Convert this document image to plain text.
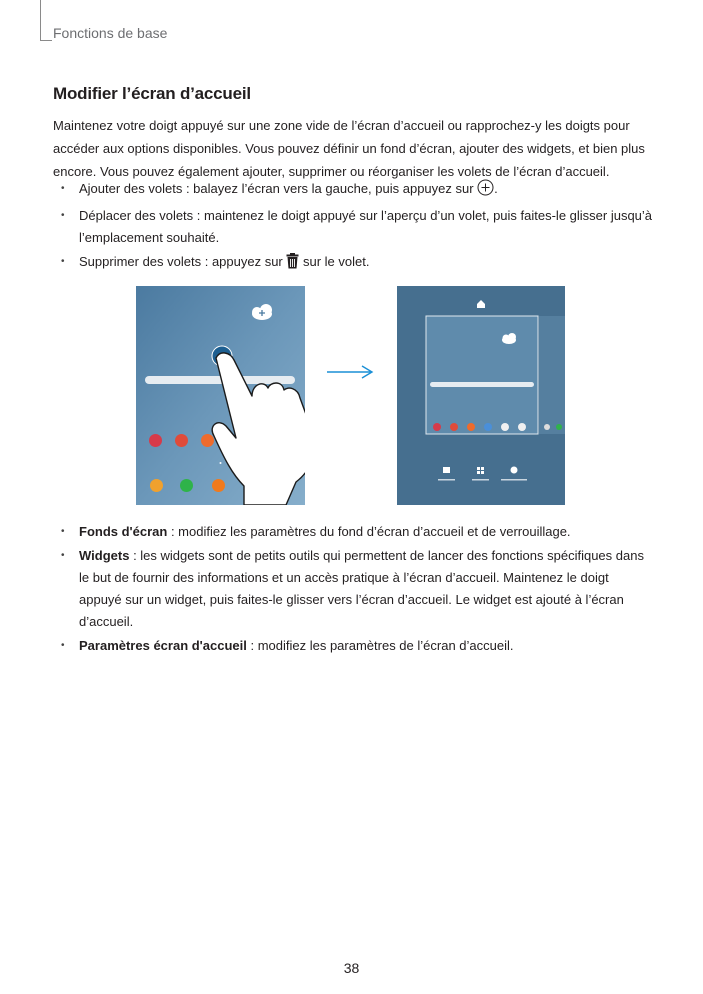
Fonctions de base
Modifier l’écran d’accueil

Maintenez votre doigt appuyé sur une zone vide de l’écran d’accueil ou rapprochez-y les doigts pour accéder aux options disponibles. Vous pouvez définir un fond d’écran, ajouter des widgets, et bien plus encore. Vous pouvez également ajouter, supprimer ou réorganiser les volets de l’écran d’accueil.

• Ajouter des volets : balayez l’écran vers la gauche, puis appuyez sur .
• Déplacer des volets : maintenez le doigt appuyé sur l’aperçu d’un volet, puis faites-le glisser jusqu’à l’emplacement souhaité.
• Supprimer des volets : appuyez sur  sur le volet.
• Fonds d'écran : modifiez les paramètres du fond d’écran d’accueil et de verrouillage.
• Widgets : les widgets sont de petits outils qui permettent de lancer des fonctions spécifiques dans le but de fournir des informations et un accès pratique à l’écran d’accueil. Maintenez le doigt appuyé sur un widget, puis faites-le glisser vers l’écran d’accueil. Le widget est ajouté à l’écran d’accueil.
• Paramètres écran d'accueil : modifiez les paramètres de l’écran d’accueil.
38
